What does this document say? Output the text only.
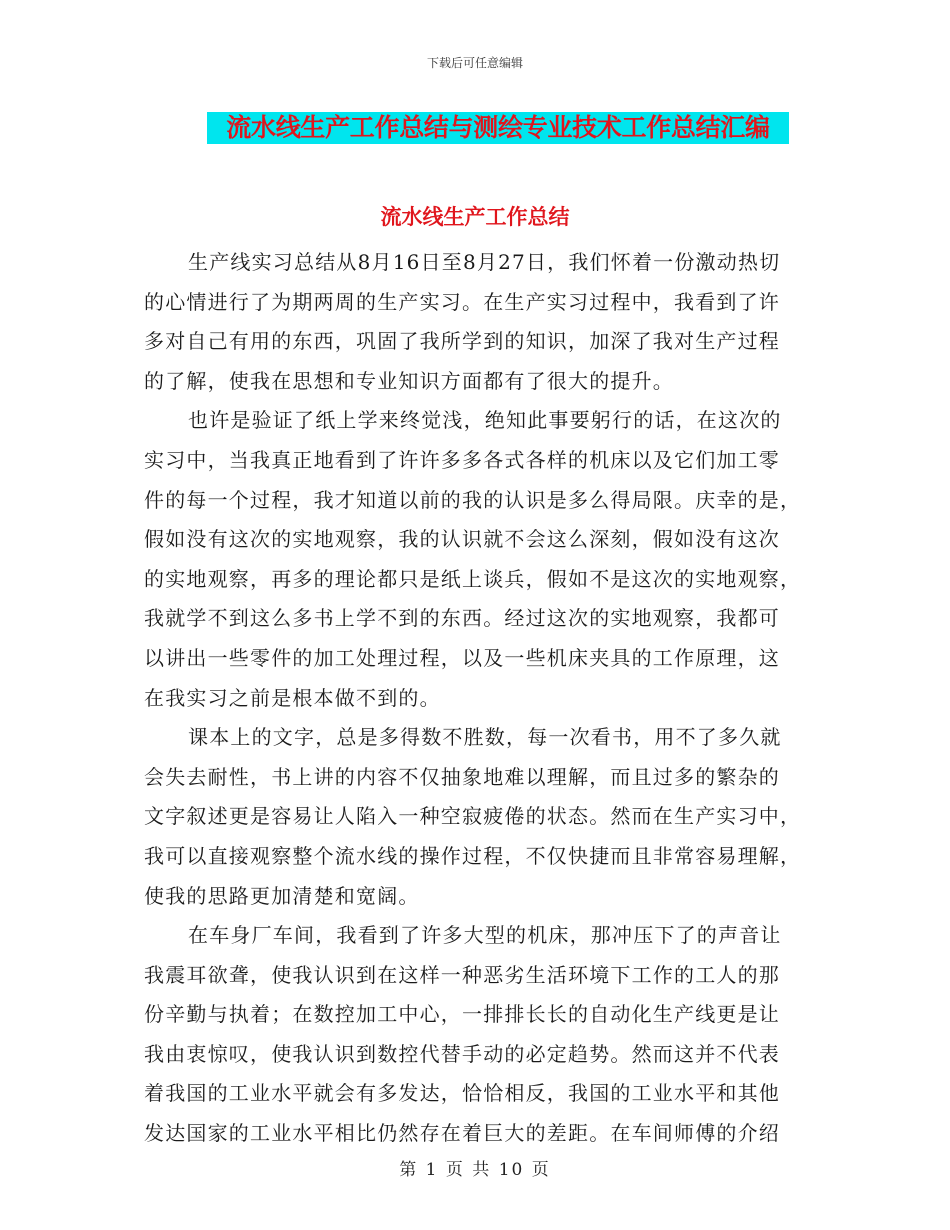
下载后可任意编辑
流水线生产工作总结与测绘专业技术工作总结汇编
流水线生产工作总结
生产线实习总结从8月16日至8月27日，我们怀着一份激动热切
的心情进行了为期两周的生产实习。在生产实习过程中，我看到了许
多对自己有用的东西，巩固了我所学到的知识，加深了我对生产过程
的了解，使我在思想和专业知识方面都有了很大的提升。
也许是验证了纸上学来终觉浅，绝知此事要躬行的话，在这次的
实习中，当我真正地看到了许许多多各式各样的机床以及它们加工零
件的每一个过程，我才知道以前的我的认识是多么得局限。庆幸的是，
假如没有这次的实地观察，我的认识就不会这么深刻，假如没有这次
的实地观察，再多的理论都只是纸上谈兵，假如不是这次的实地观察，
我就学不到这么多书上学不到的东西。经过这次的实地观察，我都可
以讲出一些零件的加工处理过程，以及一些机床夹具的工作原理，这
在我实习之前是根本做不到的。
课本上的文字，总是多得数不胜数，每一次看书，用不了多久就
会失去耐性，书上讲的内容不仅抽象地难以理解，而且过多的繁杂的
文字叙述更是容易让人陷入一种空寂疲倦的状态。然而在生产实习中，
我可以直接观察整个流水线的操作过程，不仅快捷而且非常容易理解，
使我的思路更加清楚和宽阔。
在车身厂车间，我看到了许多大型的机床，那冲压下了的声音让
我震耳欲聋，使我认识到在这样一种恶劣生活环境下工作的工人的那
份辛勤与执着；在数控加工中心，一排排长长的自动化生产线更是让
我由衷惊叹，使我认识到数控代替手动的必定趋势。然而这并不代表
着我国的工业水平就会有多发达，恰恰相反，我国的工业水平和其他
发达国家的工业水平相比仍然存在着巨大的差距。在车间师傅的介绍
第 1 页 共 10 页
